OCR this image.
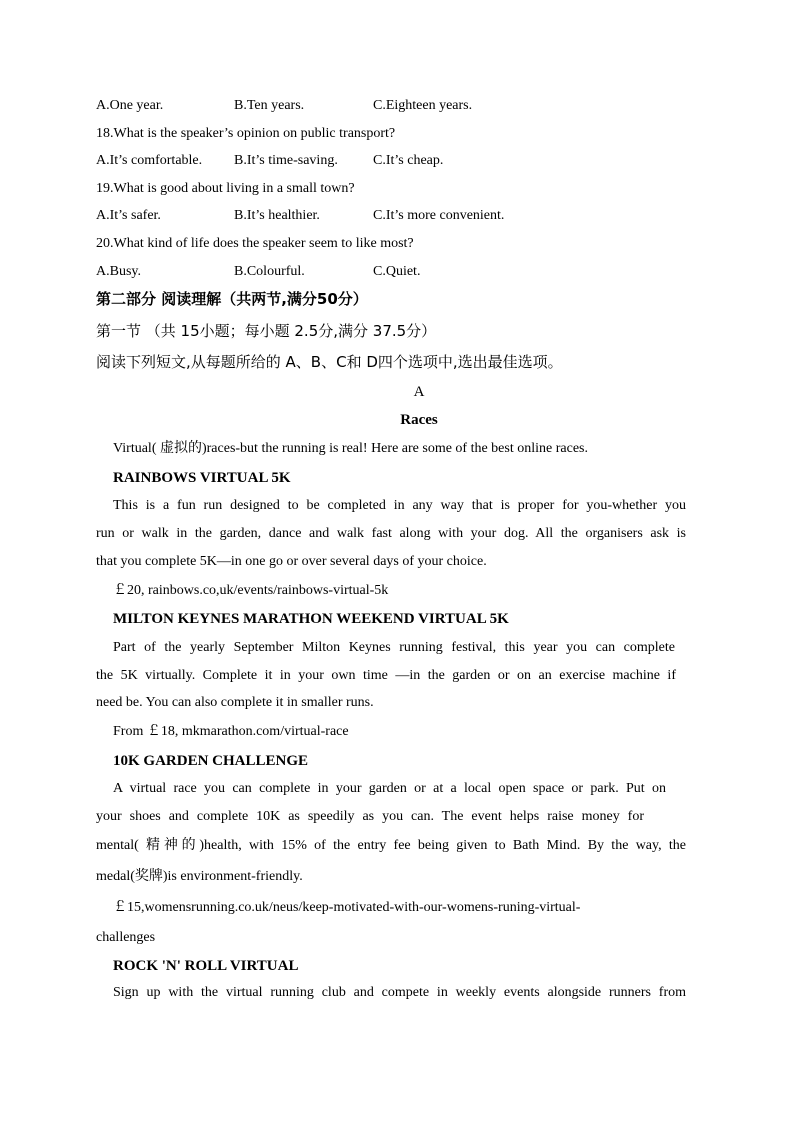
A.One year.	B.Ten years.	C.Eighteen years.
18.What is the speaker’s opinion on public transport?
A.It’s comfortable. B.It’s time-saving.	C.It’s cheap.
19.What is good about living in a small town?
A.It’s safer.	B.It’s healthier.	C.It’s more convenient.
20.What kind of life does the speaker seem to like most?
A.Busy.	B.Colourful.	C.Quiet.
第二部分 阅读理解（共两节,满分50分）
第一节 （共 15小题；每小题 2.5分,满分 37.5分）
阅读下列短文,从每题所给的 A、B、C和 D四个选项中,选出最佳选项。
A
Races
Virtual( 虚拟的)races-but the running is real! Here are some of the best online races.
RAINBOWS VIRTUAL 5K
This is a fun run designed to be completed in any way that is proper for you-whether you
run or walk in the garden, dance and walk fast along with your dog. All the organisers ask is
that you complete 5K—in one go or over several days of your choice.
￡20, rainbows.co,uk/events/rainbows-virtual-5k
MILTON KEYNES MARATHON WEEKEND VIRTUAL 5K
Part of the yearly September Milton Keynes running festival, this year you can complete
the 5K virtually. Complete it in your own time —in the garden or on an exercise machine if
need be. You can also complete it in smaller runs.
From ￡18, mkmarathon.com/virtual-race
10K GARDEN CHALLENGE
A virtual race you can complete in your garden or at a local open space or park. Put on
your shoes and complete 10K as speedily as you can. The event helps raise money for
mental( 精神的)health, with 15% of the entry fee being given to Bath Mind. By the way, the
medal(奖牌)is environment-friendly.
￡15,womensrunning.co.uk/neus/keep-motivated-with-our-womens-runing-virtual-
challenges
ROCK 'N' ROLL VIRTUAL
Sign up with the virtual running club and compete in weekly events alongside runners from
